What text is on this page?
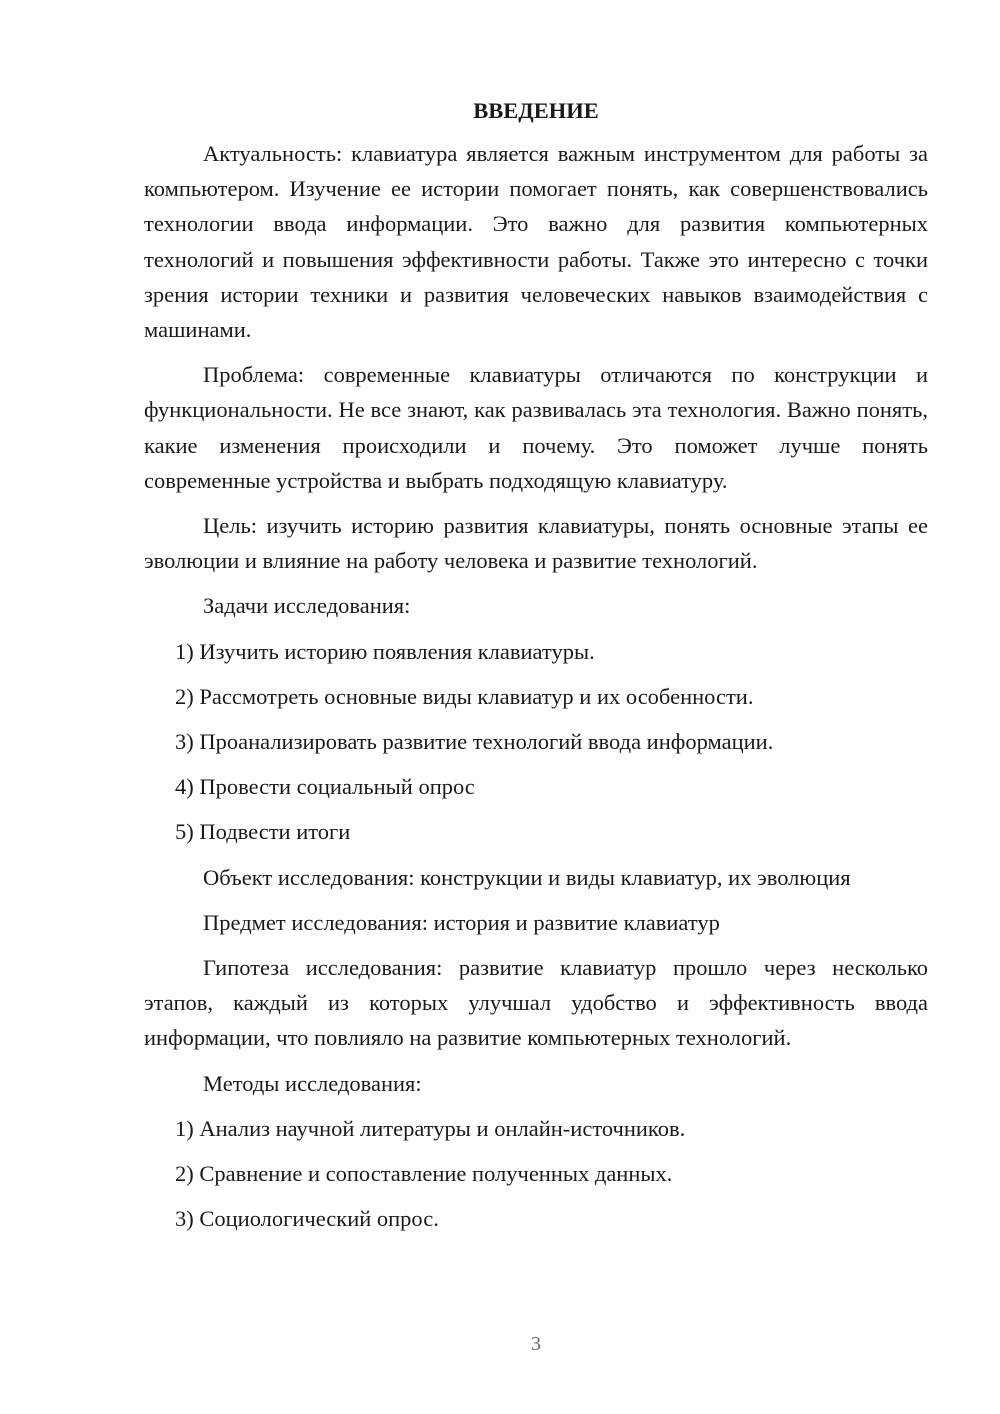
ВВЕДЕНИЕ

Актуальность: клавиатура является важным инструментом для работы за компьютером. Изучение ее истории помогает понять, как совершенствовались технологии ввода информации. Это важно для развития компьютерных технологий и повышения эффективности работы. Также это интересно с точки зрения истории техники и развития человеческих навыков взаимодействия с машинами.

Проблема: современные клавиатуры отличаются по конструкции и функциональности. Не все знают, как развивалась эта технология. Важно понять, какие изменения происходили и почему. Это поможет лучше понять современные устройства и выбрать подходящую клавиатуру.

Цель: изучить историю развития клавиатуры, понять основные этапы ее эволюции и влияние на работу человека и развитие технологий.

Задачи исследования:
1) Изучить историю появления клавиатуры.
2) Рассмотреть основные виды клавиатур и их особенности.
3) Проанализировать развитие технологий ввода информации.
4) Провести социальный опрос
5) Подвести итоги
Объект исследования: конструкции и виды клавиатур, их эволюция
Предмет исследования: история и развитие клавиатур

Гипотеза исследования: развитие клавиатур прошло через несколько этапов, каждый из которых улучшал удобство и эффективность ввода информации, что повлияло на развитие компьютерных технологий.

Методы исследования:
1) Анализ научной литературы и онлайн-источников.
2) Сравнение и сопоставление полученных данных.
3) Социологический опрос.
3
